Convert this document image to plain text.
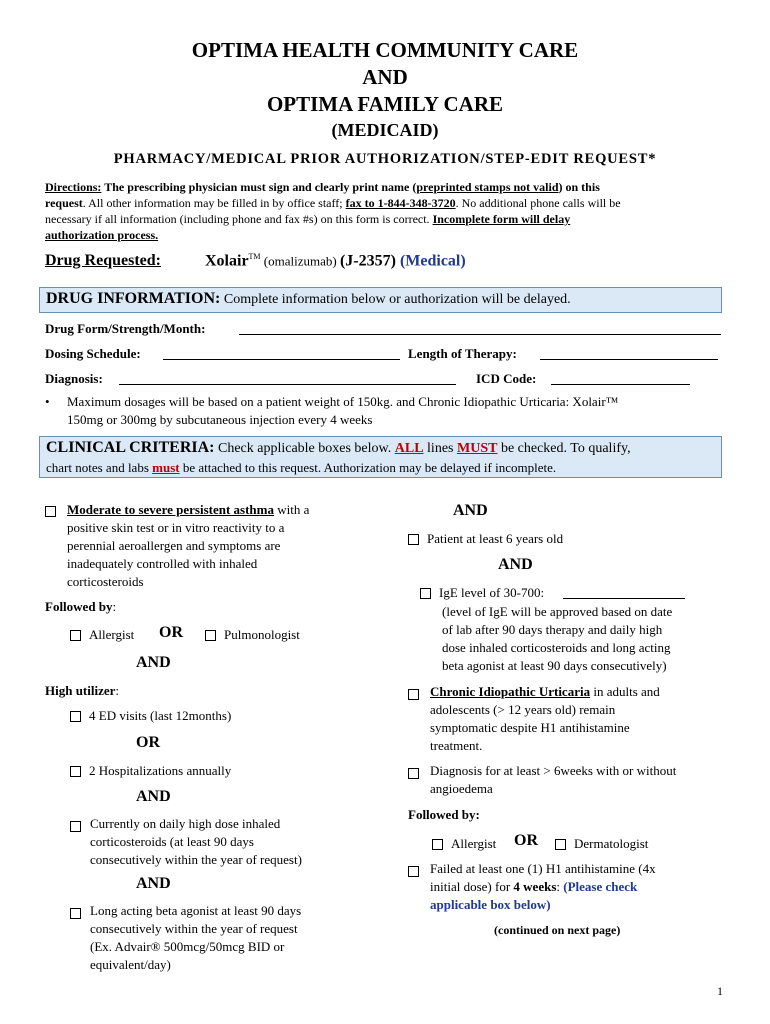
OPTIMA HEALTH COMMUNITY CARE
AND
OPTIMA FAMILY CARE
(MEDICAID)
PHARMACY/MEDICAL PRIOR AUTHORIZATION/STEP-EDIT REQUEST*
Directions: The prescribing physician must sign and clearly print name (preprinted stamps not valid) on this
request. All other information may be filled in by office staff; fax to 1-844-348-3720. No additional phone calls will be
necessary if all information (including phone and fax #s) on this form is correct. Incomplete form will delay
authorization process.
Drug Requested:	Xolair™ (omalizumab) (J-2357) (Medical)
DRUG INFORMATION: Complete information below or authorization will be delayed.
Drug Form/Strength/Month:
Dosing Schedule:	Length of Therapy:
Diagnosis:	ICD Code:
• Maximum dosages will be based on a patient weight of 150kg. and Chronic Idiopathic Urticaria: Xolair™
150mg or 300mg by subcutaneous injection every 4 weeks
CLINICAL CRITERIA: Check applicable boxes below. ALL lines MUST be checked. To qualify,
chart notes and labs must be attached to this request. Authorization may be delayed if incomplete.
Moderate to severe persistent asthma with a
positive skin test or in vitro reactivity to a
perennial aeroallergen and symptoms are
inadequately controlled with inhaled
corticosteroids
Followed by:
Allergist OR	Pulmonologist
AND
High utilizer:
4 ED visits (last 12months)
OR
2 Hospitalizations annually
AND
Currently on daily high dose inhaled
corticosteroids (at least 90 days
consecutively within the year of request)
AND
Long acting beta agonist at least 90 days
consecutively within the year of request
(Ex. Advair® 500mcg/50mcg BID or
equivalent/day)
AND
Patient at least 6 years old
AND
IgE level of 30-700:
(level of IgE will be approved based on date
of lab after 90 days therapy and daily high
dose inhaled corticosteroids and long acting
beta agonist at least 90 days consecutively)
Chronic Idiopathic Urticaria in adults and
adolescents (> 12 years old) remain
symptomatic despite H1 antihistamine
treatment.
Diagnosis for at least > 6weeks with or without
angioedema
Followed by:
Allergist OR	Dermatologist
Failed at least one (1) H1 antihistamine (4x
initial dose) for 4 weeks: (Please check
applicable box below)
(continued on next page)
1
